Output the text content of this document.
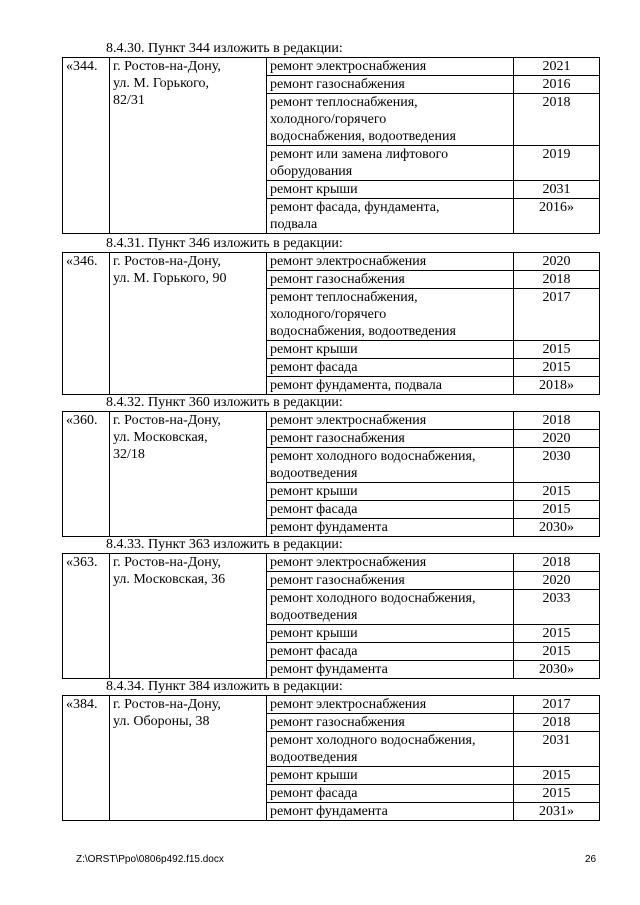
8.4.30. Пункт 344 изложить в редакции:
«344.	г. Ростов-на-Дону,
ул. М. Горького,
82/31	ремонт электроснабжения	2021
		ремонт газоснабжения	2016
		ремонт теплоснабжения,
холодного/горячего
водоснабжения, водоотведения	2018
		ремонт или замена лифтового
оборудования	2019
		ремонт крыши	2031
		ремонт фасада, фундамента,
подвала	2016»
8.4.31. Пункт 346 изложить в редакции:
«346.	г. Ростов-на-Дону,
ул. М. Горького, 90	ремонт электроснабжения	2020
		ремонт газоснабжения	2018
		ремонт теплоснабжения,
холодного/горячего
водоснабжения, водоотведения	2017
		ремонт крыши	2015
		ремонт фасада	2015
		ремонт фундамента, подвала	2018»
8.4.32. Пункт 360 изложить в редакции:
«360.	г. Ростов-на-Дону,
ул. Московская,
32/18	ремонт электроснабжения	2018
		ремонт газоснабжения	2020
		ремонт холодного водоснабжения,
водоотведения	2030
		ремонт крыши	2015
		ремонт фасада	2015
		ремонт фундамента	2030»
8.4.33. Пункт 363 изложить в редакции:
«363.	г. Ростов-на-Дону,
ул. Московская, 36	ремонт электроснабжения	2018
		ремонт газоснабжения	2020
		ремонт холодного водоснабжения,
водоотведения	2033
		ремонт крыши	2015
		ремонт фасада	2015
		ремонт фундамента	2030»
8.4.34. Пункт 384 изложить в редакции:
«384.	г. Ростов-на-Дону,
ул. Обороны, 38	ремонт электроснабжения	2017
		ремонт газоснабжения	2018
		ремонт холодного водоснабжения,
водоотведения	2031
		ремонт крыши	2015
		ремонт фасада	2015
		ремонт фундамента	2031»
Z:\ORST\Ppo\0806p492.f15.docx	26
